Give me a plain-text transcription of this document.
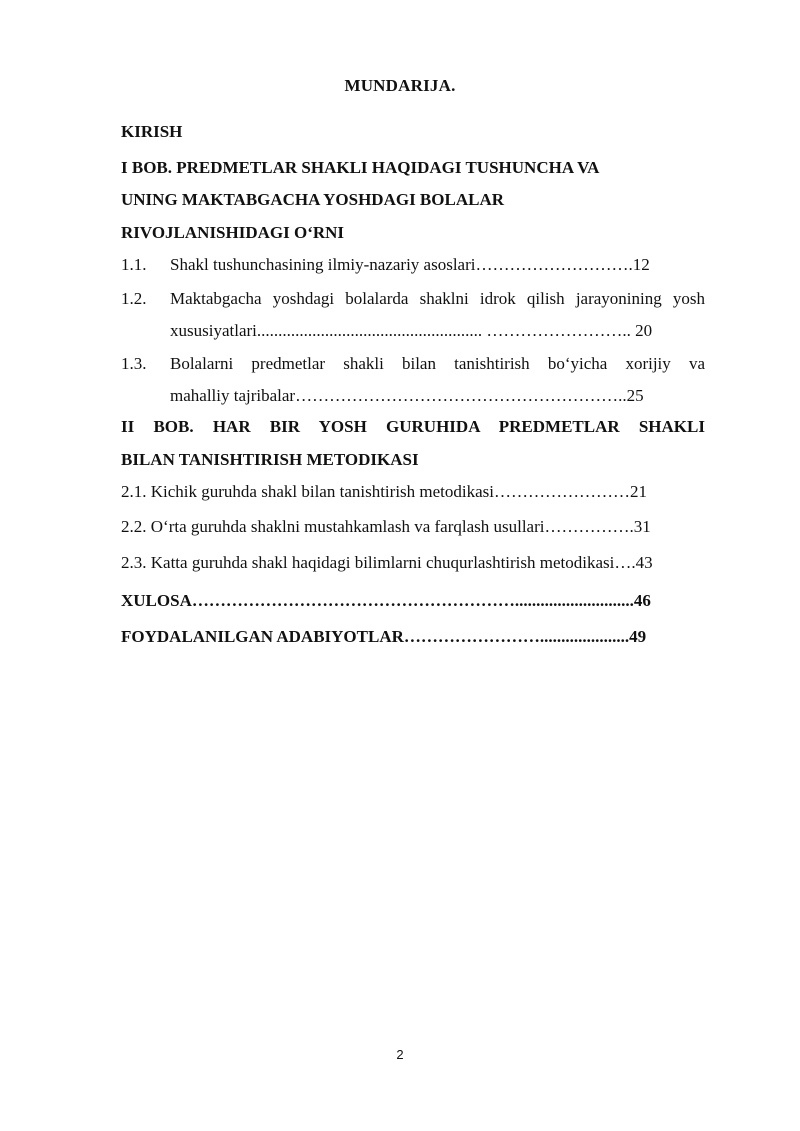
MUNDARIJA.
KIRISH
I BOB. PREDMETLAR SHAKLI HAQIDAGI TUSHUNCHA VA
UNING MAKTABGACHA YOSHDAGI BOLALAR
RIVOJLANISHIDAGI O‘RNI
1.1. Shakl tushunchasining ilmiy-nazariy asoslari……………………….12
1.2. Maktabgacha yoshdagi bolalarda shaklni idrok qilish jarayonining yosh
xususiyatlari..................................................... …………………….. 20
1.3. Bolalarni predmetlar shakli bilan tanishtirish bo‘yicha xorijiy va
mahalliy tajribalar…………………………………………………..25
II BOB. HAR BIR YOSH GURUHIDA PREDMETLAR SHAKLI
BILAN TANISHTIRISH METODIKASI
2.1. Kichik guruhda shakl bilan tanishtirish metodikasi……………………21
2.2. O‘rta guruhda shaklni mustahkamlash va farqlash usullari…………….31
2.3. Katta guruhda shakl haqidagi bilimlarni chuqurlashtirish metodikasi….43
XULOSA…………………………………………………............................46
FOYDALANILGAN ADABIYOTLAR…………………….....................49
2
